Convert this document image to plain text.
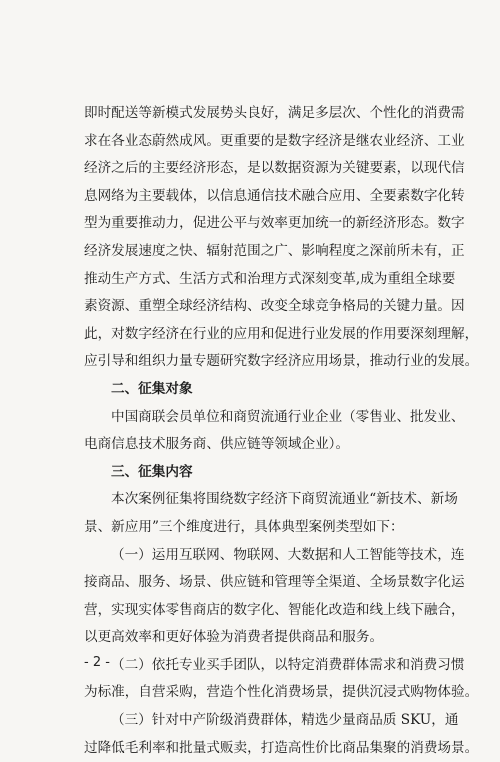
即时配送等新模式发展势头良好，满足多层次、个性化的消费需
求在各业态蔚然成风。更重要的是数字经济是继农业经济、工业
经济之后的主要经济形态，是以数据资源为关键要素，以现代信
息网络为主要载体，以信息通信技术融合应用、全要素数字化转
型为重要推动力，促进公平与效率更加统一的新经济形态。数字
经济发展速度之快、辐射范围之广、影响程度之深前所未有，正
推动生产方式、生活方式和治理方式深刻变革,成为重组全球要
素资源、重塑全球经济结构、改变全球竞争格局的关键力量。因
此，对数字经济在行业的应用和促进行业发展的作用要深刻理解，
应引导和组织力量专题研究数字经济应用场景，推动行业的发展。
二、征集对象
中国商联会员单位和商贸流通行业企业（零售业、批发业、
电商信息技术服务商、供应链等领域企业）。
三、征集内容
本次案例征集将围绕数字经济下商贸流通业“新技术、新场
景、新应用”三个维度进行，具体典型案例类型如下：
（一）运用互联网、物联网、大数据和人工智能等技术，连
接商品、服务、场景、供应链和管理等全渠道、全场景数字化运
营，实现实体零售商店的数字化、智能化改造和线上线下融合，
以更高效率和更好体验为消费者提供商品和服务。
（二）依托专业买手团队，以特定消费群体需求和消费习惯
为标准，自营采购，营造个性化消费场景，提供沉浸式购物体验。
（三）针对中产阶级消费群体，精选少量商品质 SKU，通
过降低毛利率和批量式贩卖，打造高性价比商品集聚的消费场景。
- 2 -
